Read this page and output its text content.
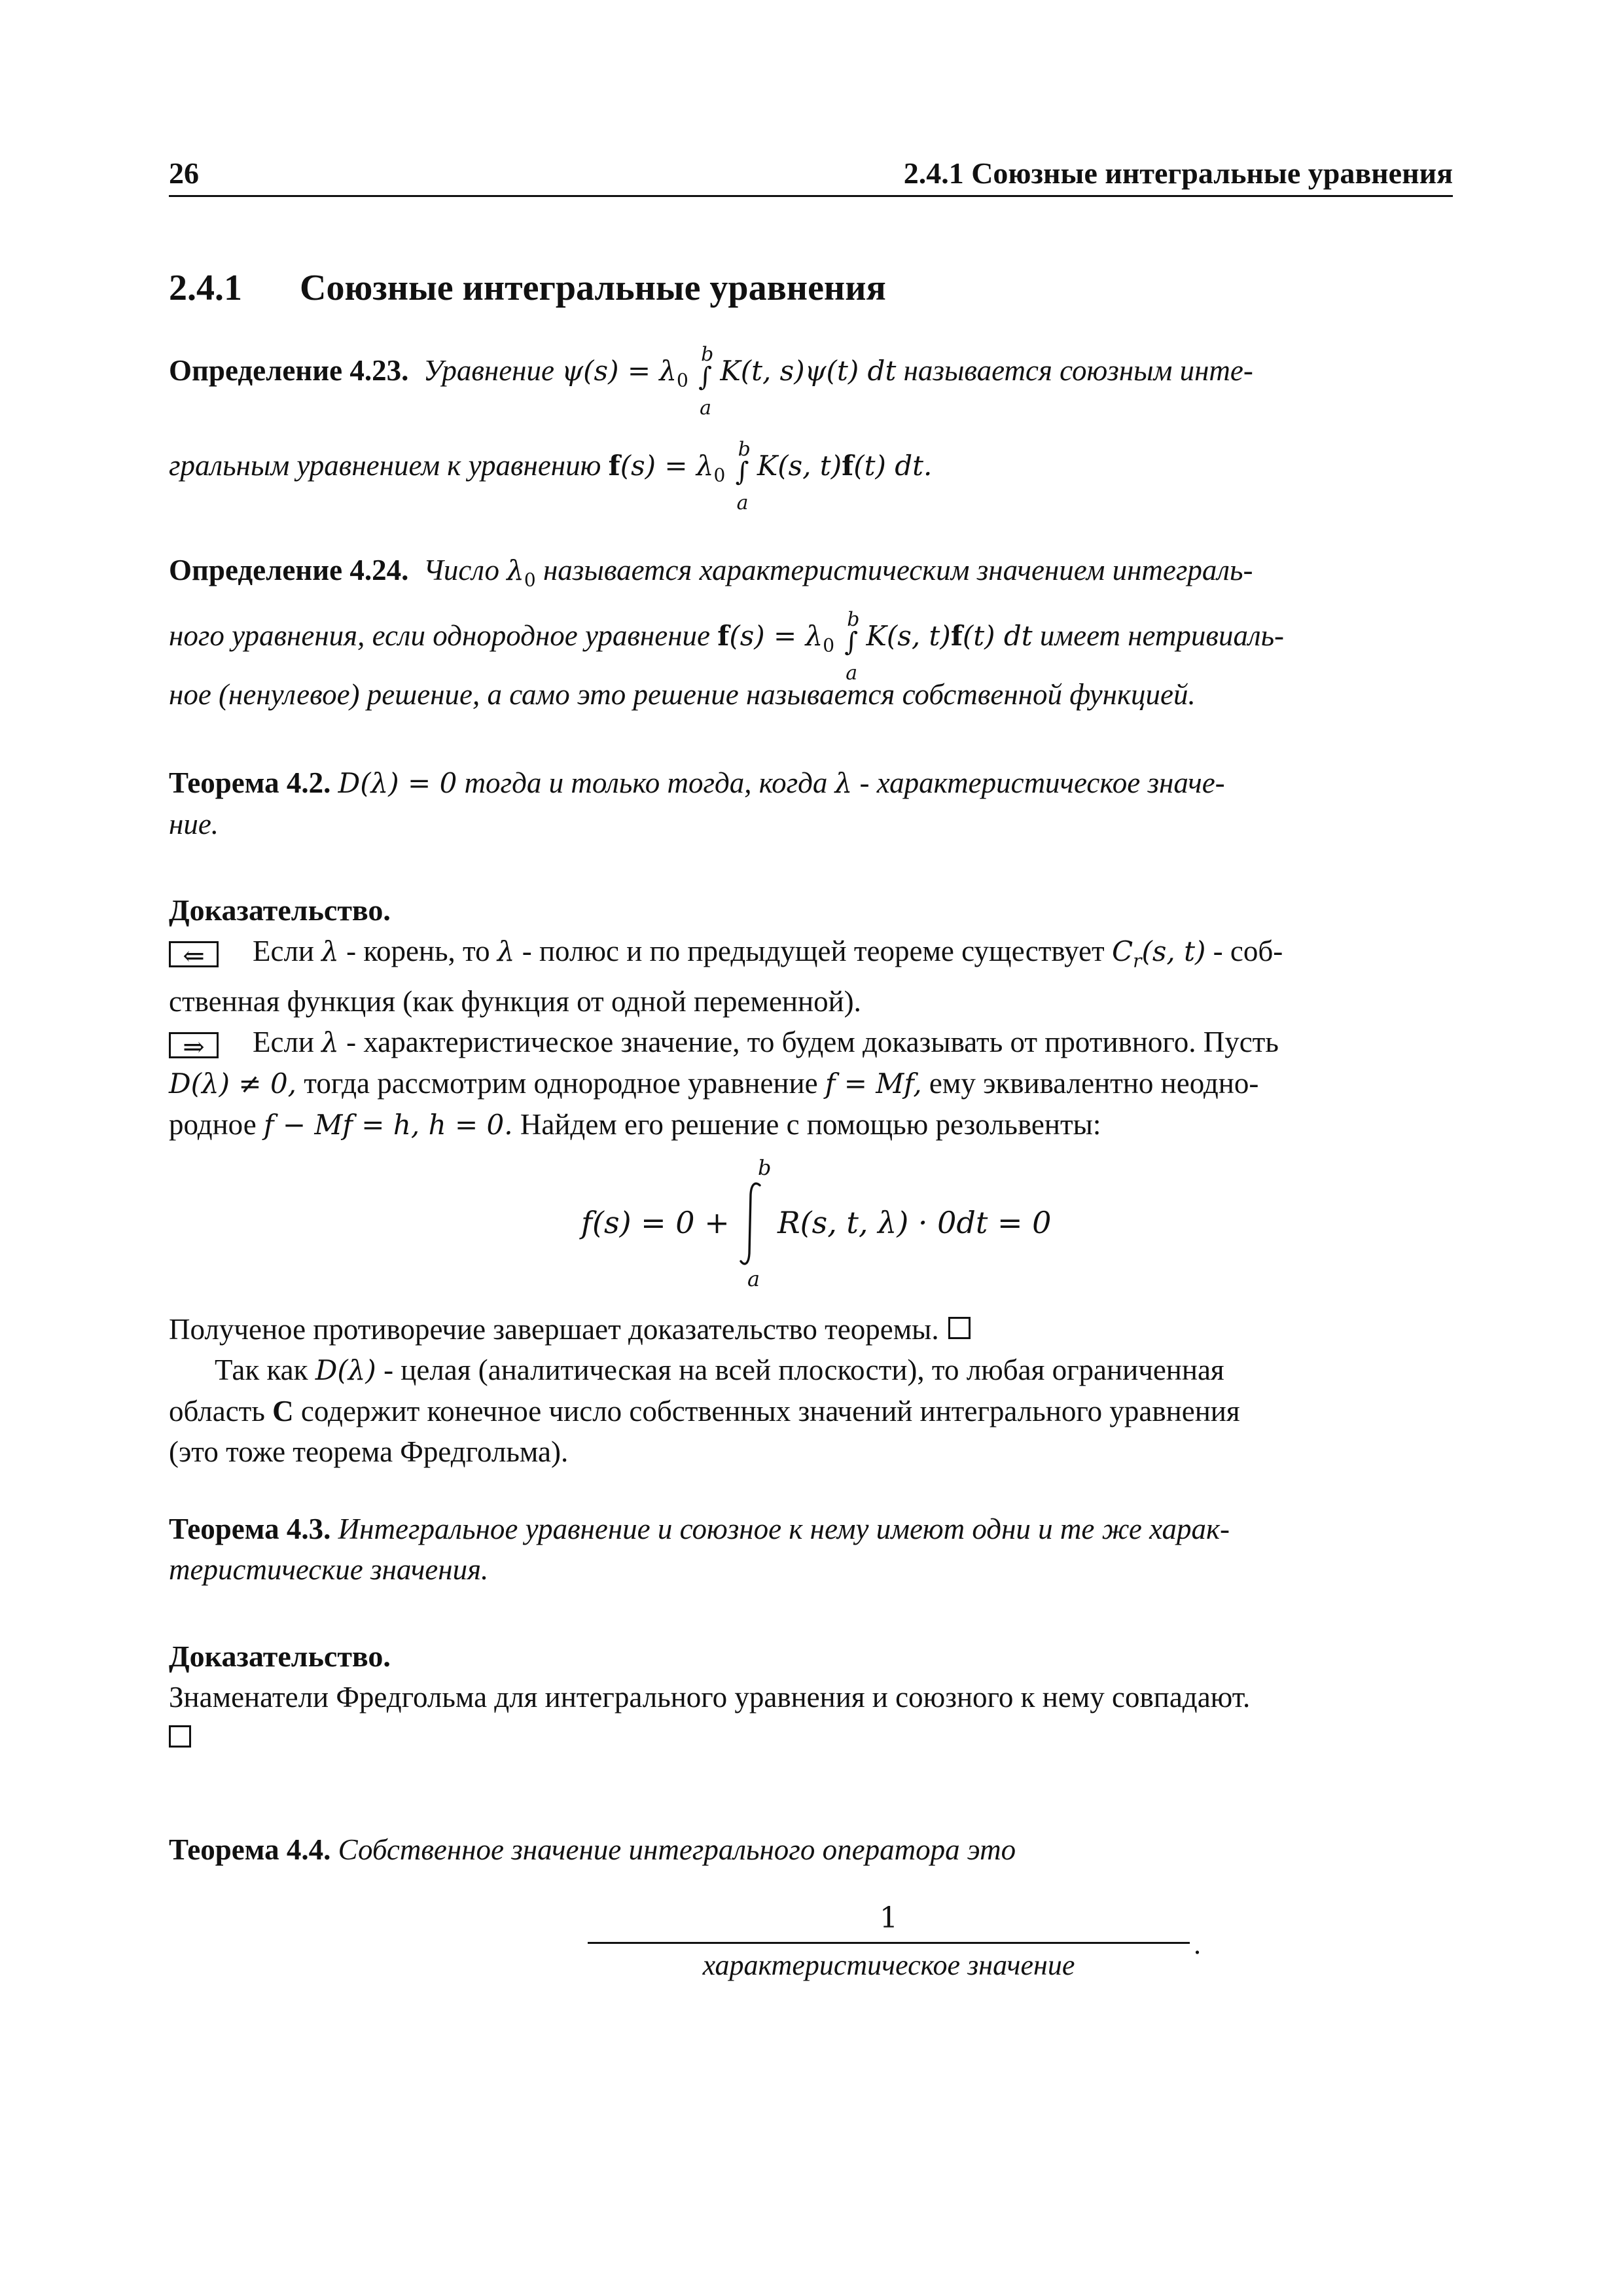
26	2.4.1 Союзные интегральные уравнения
2.4.1 Союзные интегральные уравнения
Определение 4.23. Уравнение $\psi(s) = \lambda_0$
b
∫
a
K(t, s)ψ(t) dt называется союзным инте-
гральным уравнением к уравнению $f(s) = \lambda_0$
b
∫
a
K(s, t)f(t) dt.
Определение 4.24. Число $\lambda_0$ называется характеристическим значением интеграль-
ного уравнения, если однородное уравнение $f(s) = \lambda_0$
b
∫
a
K(s, t)f(t) dt имеет нетривиаль-
ное (ненулевое) решение, а само это решение называется собственной функцией.
Теорема 4.2. D(λ) = 0 тогда и только тогда, когда λ - характеристическое значе-
ние.
Доказательство.
⇐ Если λ - корень, то λ - полюс и по предыдущей теореме существует $C_r(s$, t) - соб-
ственная функция (как функция от одной переменной).
⇒ Если λ - характеристическое значение, то будем доказывать от противного. Пусть
D(λ) ≠ 0, тогда рассмотрим однородное уравнение f = Mf, ему эквивалентно неодно-
родное f − Mf = h, h = 0. Найдем его решение с помощью резольвенты:
f(s) = 0 +
b
a
R(s, t, λ) · 0dt = 0
Полученое противоречие завершает доказательство теоремы.
Так как D(λ) - целая (аналитическая на всей плоскости), то любая ограниченная
область C содержит конечное число собственных значений интегрального уравнения
(это тоже теорема Фредгольма).
Теорема 4.3. Интегральное уравнение и союзное к нему имеют одни и те же харак-
теристические значения.
Доказательство.
Знаменатели Фредгольма для интегрального уравнения и союзного к нему совпадают.

Теорема 4.4. Собственное значение интегрального оператора это
1
характеристическое значение
.
